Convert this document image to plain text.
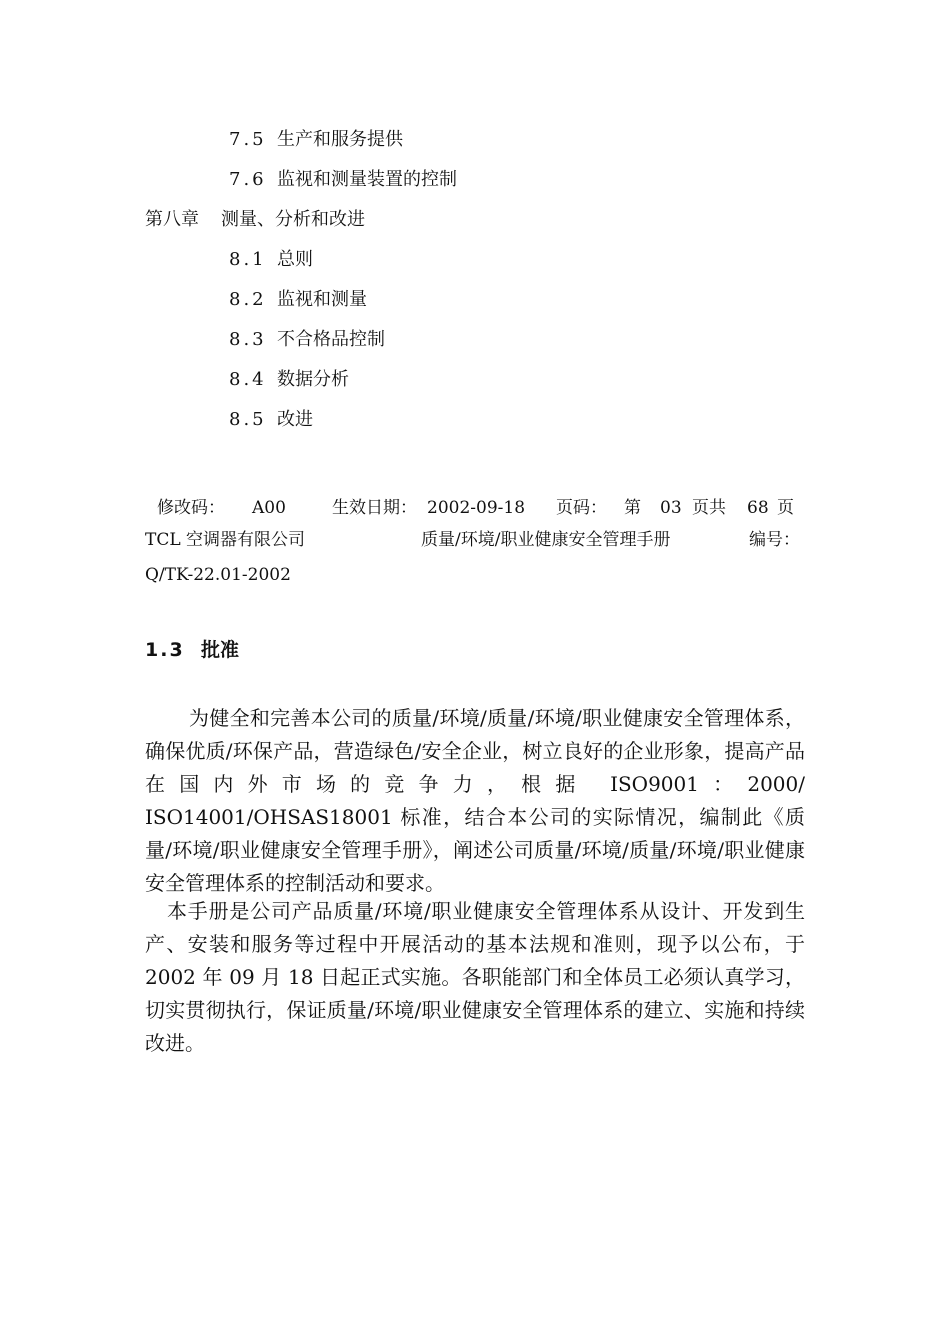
7.5 生产和服务提供
7.6 监视和测量装置的控制
第八章 测量、分析和改进
8.1 总则
8.2 监视和测量
8.3 不合格品控制
8.4 数据分析
8.5 改进
修改码： A00	生效日期： 2002-09-18 页码： 第 03 页共 68 页
TCL 空调器有限公司	质量/环境/职业健康安全管理手册	编号：
Q/TK-22.01-2002
1.3 批准

为健全和完善本公司的质量/环境/质量/环境/职业健康安全管理体系，确保优质/环保产品，营造绿色/安全企业，树立良好的企业形象，提高产品在国内外市场的竞争力，根据 ISO9001：2000/ ISO14001/OHSAS18001 标准，结合本公司的实际情况，编制此《质量/环境/职业健康安全管理手册》，阐述公司质量/环境/质量/环境/职业健康安全管理体系的控制活动和要求。

本手册是公司产品质量/环境/职业健康安全管理体系从设计、开发到生产、安装和服务等过程中开展活动的基本法规和准则，现予以公布，于 2002 年 09 月 18 日起正式实施。各职能部门和全体员工必须认真学习，切实贯彻执行，保证质量/环境/职业健康安全管理体系的建立、实施和持续改进。
